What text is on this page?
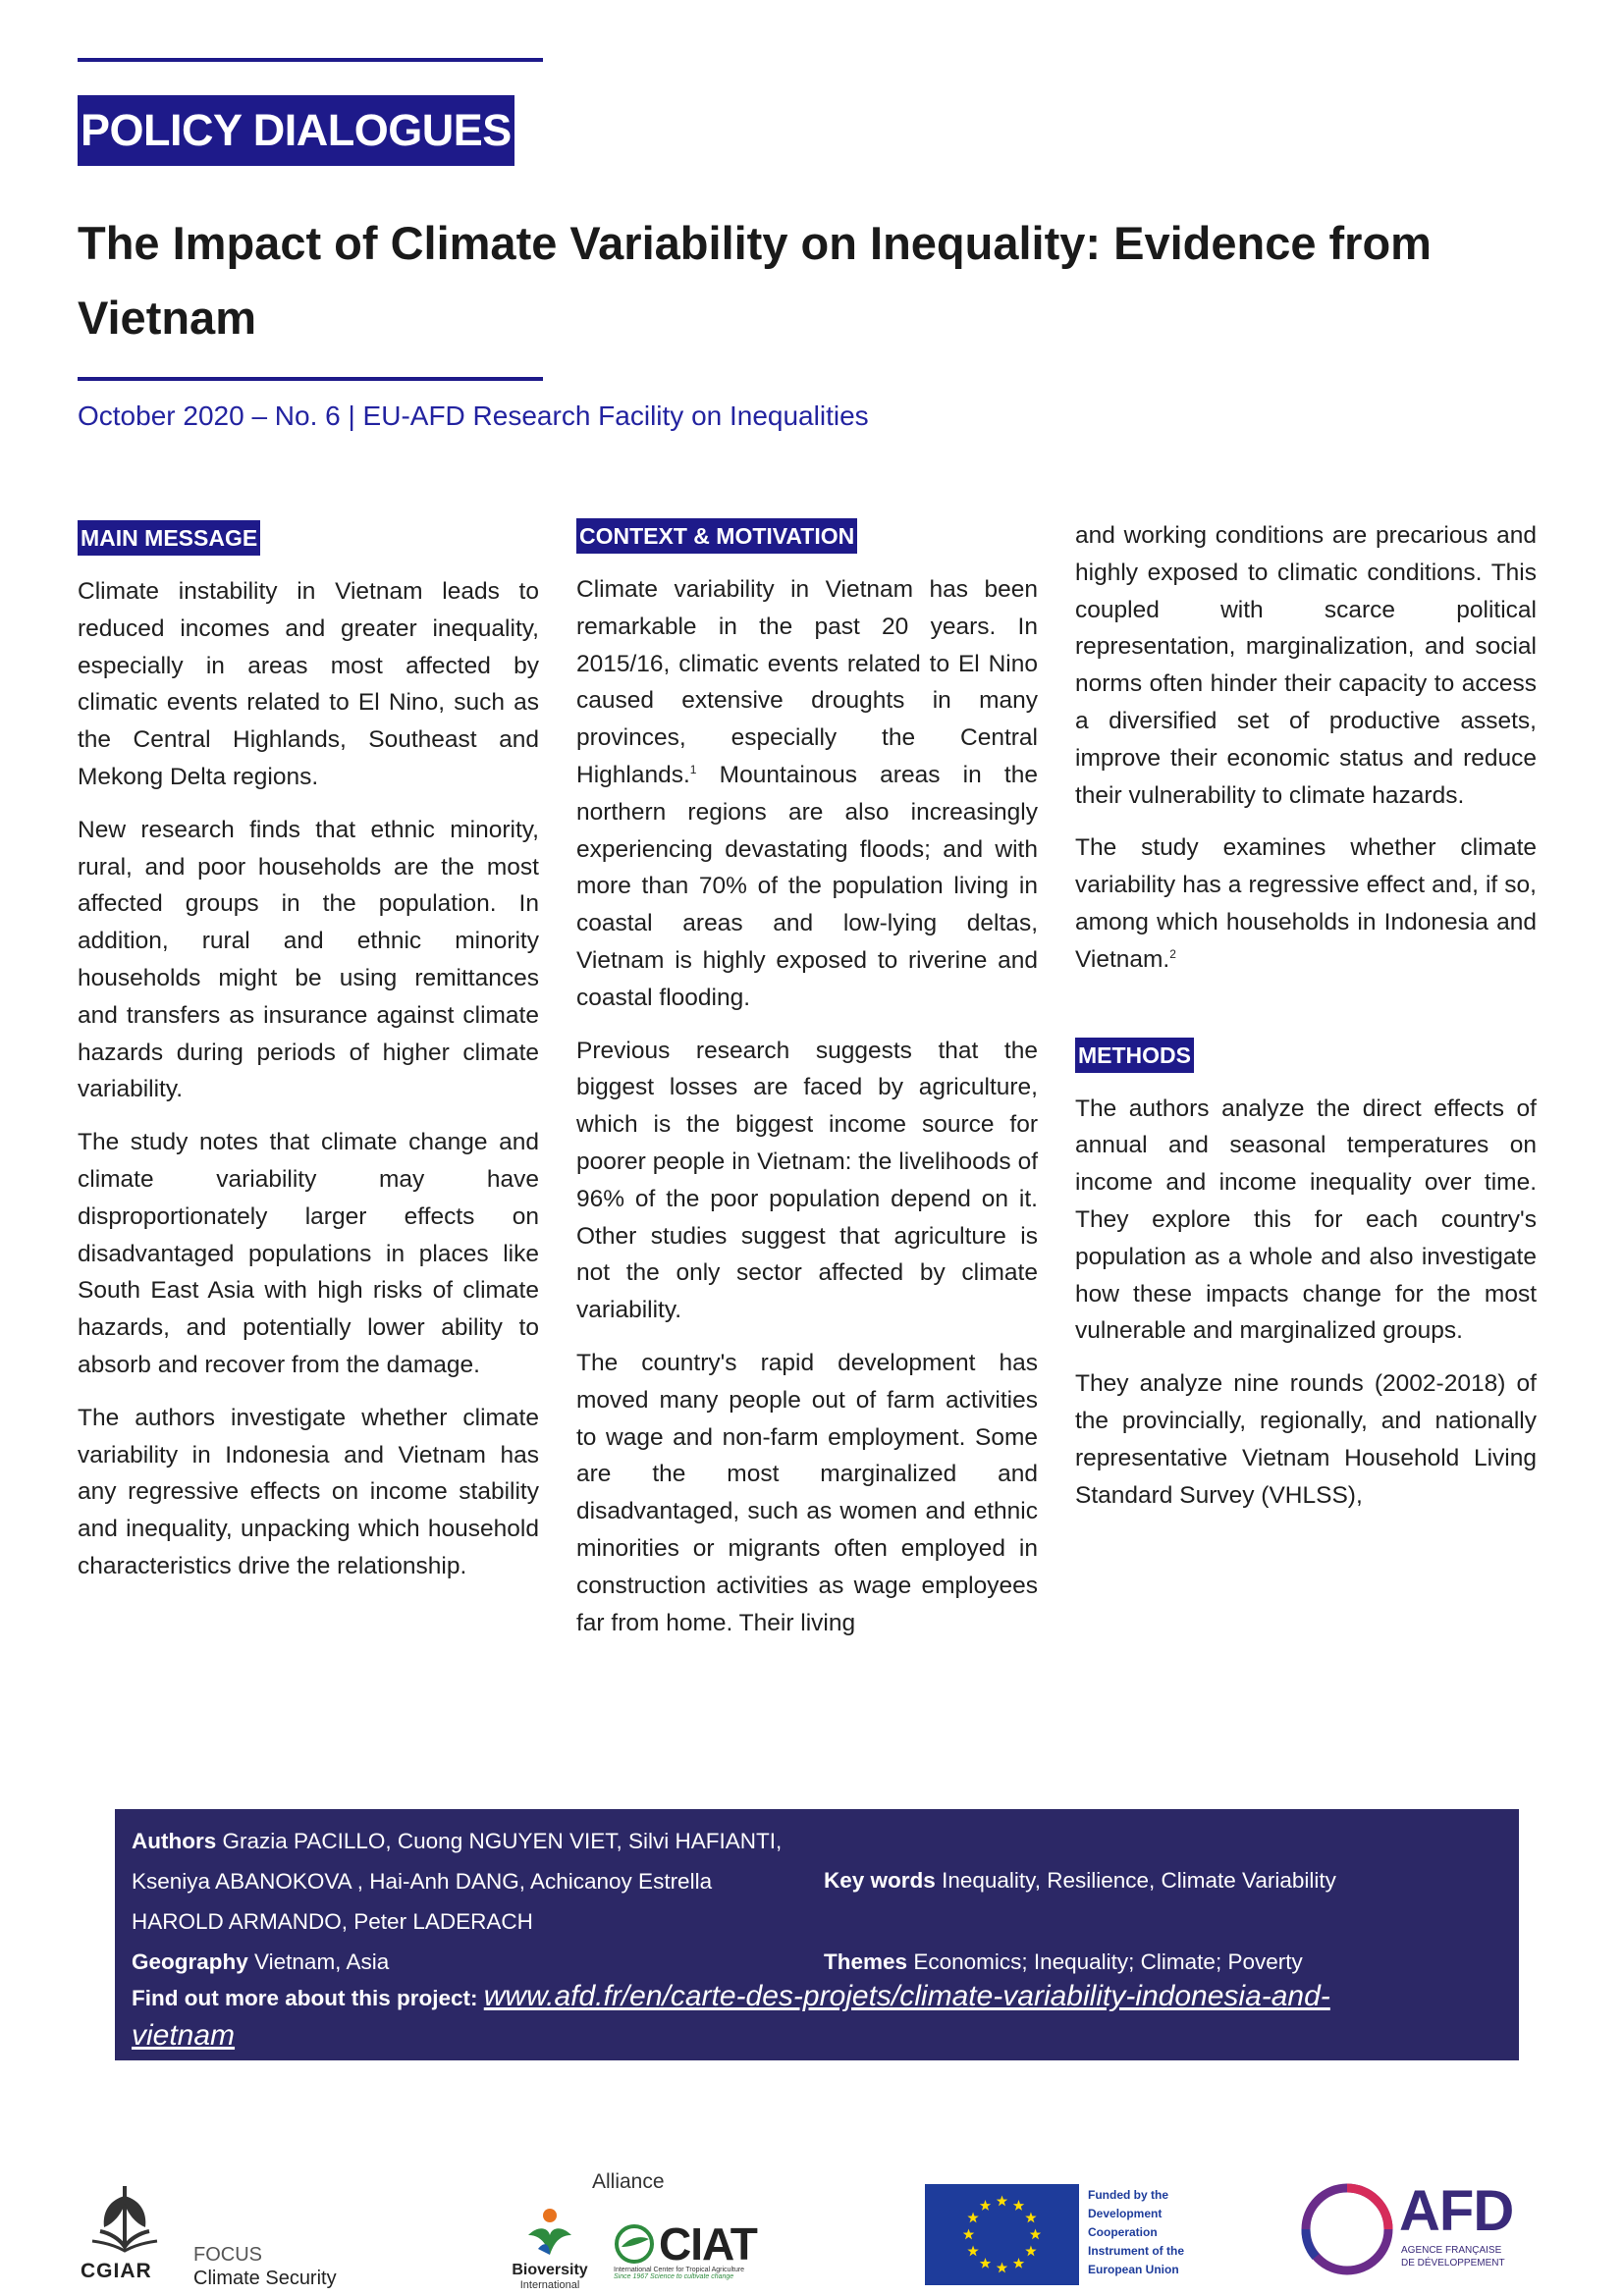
POLICY DIALOGUES
The Impact of Climate Variability on Inequality: Evidence from Vietnam
October 2020 – No. 6 | EU-AFD Research Facility on Inequalities
MAIN MESSAGE

Climate instability in Vietnam leads to reduced incomes and greater inequality, especially in areas most affected by climatic events related to El Nino, such as the Central Highlands, Southeast and Mekong Delta regions.

New research finds that ethnic minority, rural, and poor households are the most affected groups in the population. In addition, rural and ethnic minority households might be using remittances and transfers as insurance against climate hazards during periods of higher climate variability.

The study notes that climate change and climate variability may have disproportionately larger effects on disadvantaged populations in places like South East Asia with high risks of climate hazards, and potentially lower ability to absorb and recover from the damage.

The authors investigate whether climate variability in Indonesia and Vietnam has any regressive effects on income stability and inequality, unpacking which household characteristics drive the relationship.

CONTEXT & MOTIVATION

Climate variability in Vietnam has been remarkable in the past 20 years. In 2015/16, climatic events related to El Nino caused extensive droughts in many provinces, especially the Central Highlands.$^1$ Mountainous areas in the northern regions are also increasingly experiencing devastating floods; and with more than 70% of the population living in coastal areas and low-lying deltas, Vietnam is highly exposed to riverine and coastal flooding.

Previous research suggests that the biggest losses are faced by agriculture, which is the biggest income source for poorer people in Vietnam: the livelihoods of 96% of the poor population depend on it. Other studies suggest that agriculture is not the only sector affected by climate variability.

The country's rapid development has moved many people out of farm activities to wage and non-farm employment. Some are the most marginalized and disadvantaged, such as women and ethnic minorities or migrants often employed in construction activities as wage employees far from home. Their living

and working conditions are precarious and highly exposed to climatic conditions. This coupled with scarce political representation, marginalization, and social norms often hinder their capacity to access a diversified set of productive assets, improve their economic status and reduce their vulnerability to climate hazards.

The study examines whether climate variability has a regressive effect and, if so, among which households in Indonesia and Vietnam.$^2$

METHODS

The authors analyze the direct effects of annual and seasonal temperatures on income and income inequality over time. They explore this for each country's population as a whole and also investigate how these impacts change for the most vulnerable and marginalized groups.

They analyze nine rounds (2002-2018) of the provincially, regionally, and nationally representative Vietnam Household Living Standard Survey (VHLSS),

Authors Grazia PACILLO, Cuong NGUYEN VIET, Silvi HAFIANTI,
Kseniya ABANOKOVA , Hai-Anh DANG, Achicanoy Estrella
HAROLD ARMANDO, Peter LADERACH
Key words Inequality, Resilience, Climate Variability
Geography Vietnam, Asia	Themes Economics; Inequality; Climate; Poverty
Find out more about this project: www.afd.fr/en/carte-des-projets/climate-variability-indonesia-and-
vietnam
CGIAR
FOCUS
Climate Security
Alliance
Bioversity
International
CIAT
International Center for Tropical Agriculture
Since 1967 Science to cultivate change
Funded by the
Development
Cooperation
Instrument of the
European Union
AFD
AGENCE FRANÇAISE
DE DÉVELOPPEMENT
